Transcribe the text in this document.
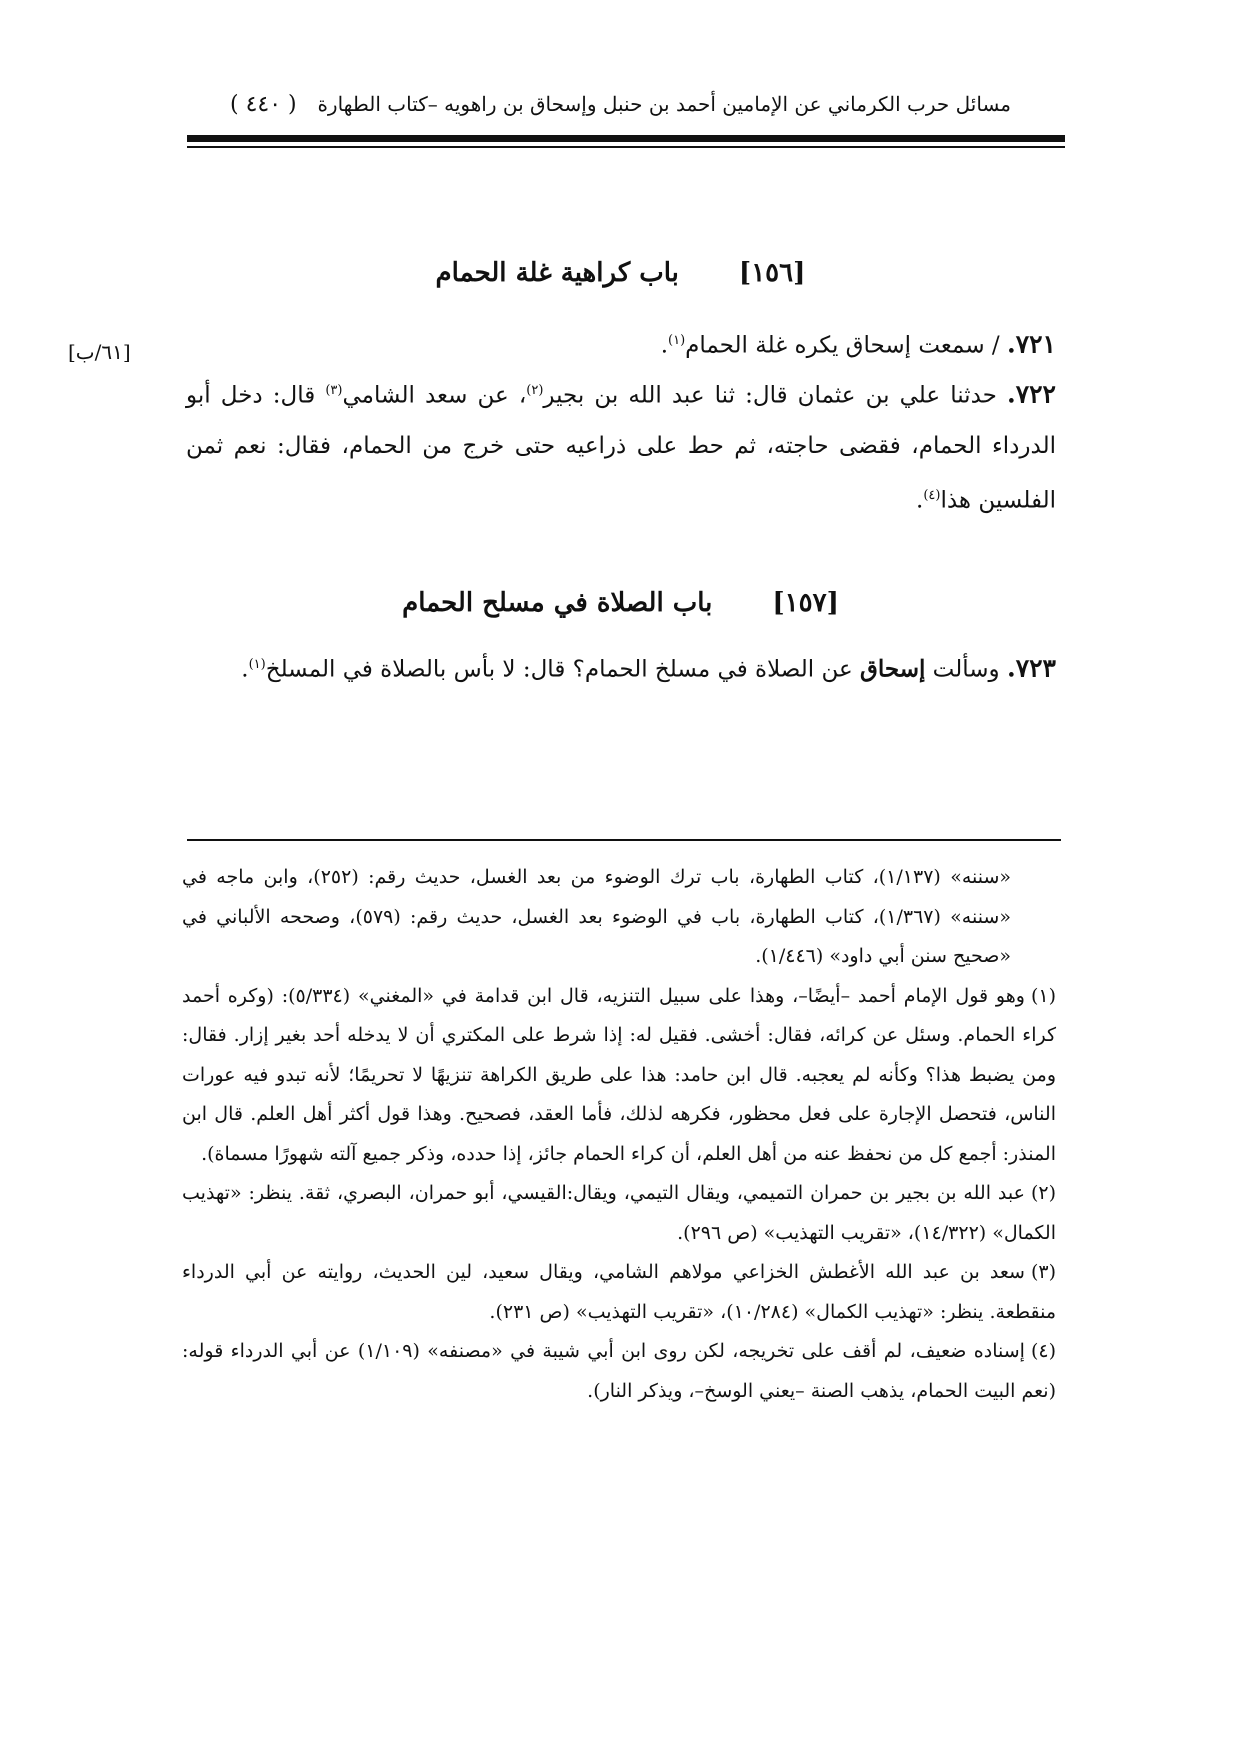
مسائل حرب الكرماني عن الإمامين أحمد بن حنبل وإسحاق بن راهويه –كتاب الطهارة
( ٤٤٠ )
[١٥٦]باب كراهية غلة الحمام
[٦١/ب]	٧٢١. / سمعت إسحاق يكره غلة الحمام$^{(١)}$.
٧٢٢. حدثنا علي بن عثمان قال: ثنا عبد الله بن بجير$^{(٢)}$، عن سعد الشامي$^{(٣)}$ قال: دخل أبو الدرداء الحمام، فقضى حاجته، ثم حط على ذراعيه حتى خرج من الحمام، فقال: نعم ثمن الفلسين هذا$^{(٤)}$.
[١٥٧]باب الصلاة في مسلح الحمام
٧٢٣. وسألت إسحاق عن الصلاة في مسلخ الحمام؟ قال: لا بأس بالصلاة في المسلخ$^{(١)}$.

«سننه» (١/١٣٧)، كتاب الطهارة، باب ترك الوضوء من بعد الغسل، حديث رقم: (٢٥٢)، وابن ماجه في «سننه» (١/٣٦٧)، كتاب الطهارة، باب في الوضوء بعد الغسل، حديث رقم: (٥٧٩)، وصححه الألباني في «صحيح سنن أبي داود» (١/٤٤٦).

(١)وهو قول الإمام أحمد –أيضًا–، وهذا على سبيل التنزيه، قال ابن قدامة في «المغني» (٥/٣٣٤): (وكره أحمد كراء الحمام. وسئل عن كرائه، فقال: أخشى. فقيل له: إذا شرط على المكتري أن لا يدخله أحد بغير إزار. فقال: ومن يضبط هذا؟ وكأنه لم يعجبه. قال ابن حامد: هذا على طريق الكراهة تنزيهًا لا تحريمًا؛ لأنه تبدو فيه عورات الناس، فتحصل الإجارة على فعل محظور، فكرهه لذلك، فأما العقد، فصحيح. وهذا قول أكثر أهل العلم. قال ابن المنذر: أجمع كل من نحفظ عنه من أهل العلم، أن كراء الحمام جائز، إذا حدده، وذكر جميع آلته شهورًا مسماة).

(٢)عبد الله بن بجير بن حمران التميمي، ويقال التيمي، ويقال:القيسي، أبو حمران، البصري، ثقة. ينظر: «تهذيب الكمال» (١٤/٣٢٢)، «تقريب التهذيب» (ص ٢٩٦).

(٣)سعد بن عبد الله الأغطش الخزاعي مولاهم الشامي، ويقال سعيد، لين الحديث، روايته عن أبي الدرداء منقطعة. ينظر: «تهذيب الكمال» (١٠/٢٨٤)، «تقريب التهذيب» (ص ٢٣١).

(٤)إسناده ضعيف، لم أقف على تخريجه، لكن روى ابن أبي شيبة في «مصنفه» (١/١٠٩) عن أبي الدرداء قوله: (نعم البيت الحمام، يذهب الصنة –يعني الوسخ–، ويذكر النار).
